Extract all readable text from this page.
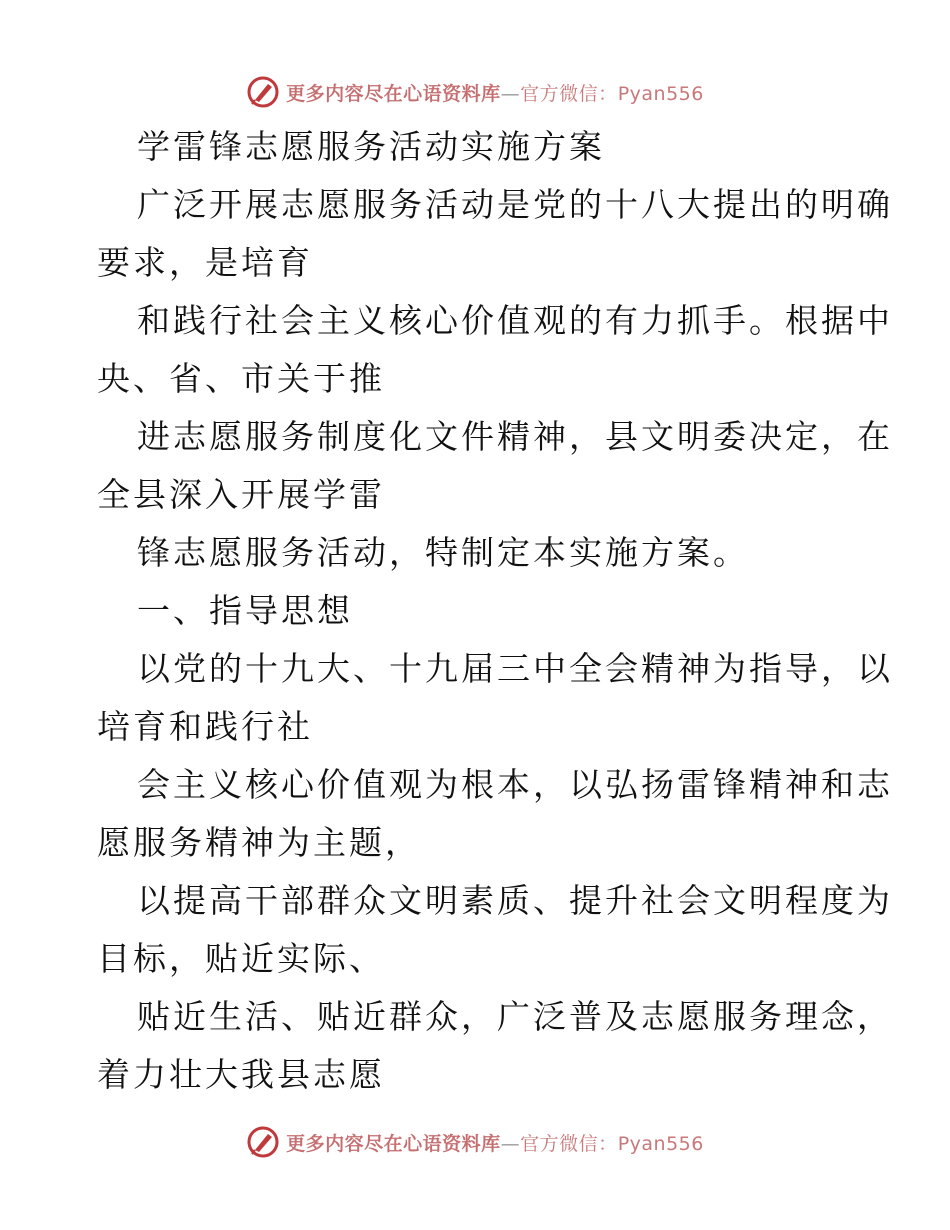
更多内容尽在心语资料库—官方微信：Pyan556
学雷锋志愿服务活动实施方案
广泛开展志愿服务活动是党的十八大提出的明确
要求，是培育
和践行社会主义核心价值观的有力抓手。根据中
央、省、市关于推
进志愿服务制度化文件精神，县文明委决定，在
全县深入开展学雷
锋志愿服务活动，特制定本实施方案。
一、指导思想
以党的十九大、十九届三中全会精神为指导，以
培育和践行社
会主义核心价值观为根本，以弘扬雷锋精神和志
愿服务精神为主题，
以提高干部群众文明素质、提升社会文明程度为
目标，贴近实际、
贴近生活、贴近群众，广泛普及志愿服务理念，
着力壮大我县志愿
更多内容尽在心语资料库—官方微信：Pyan556
